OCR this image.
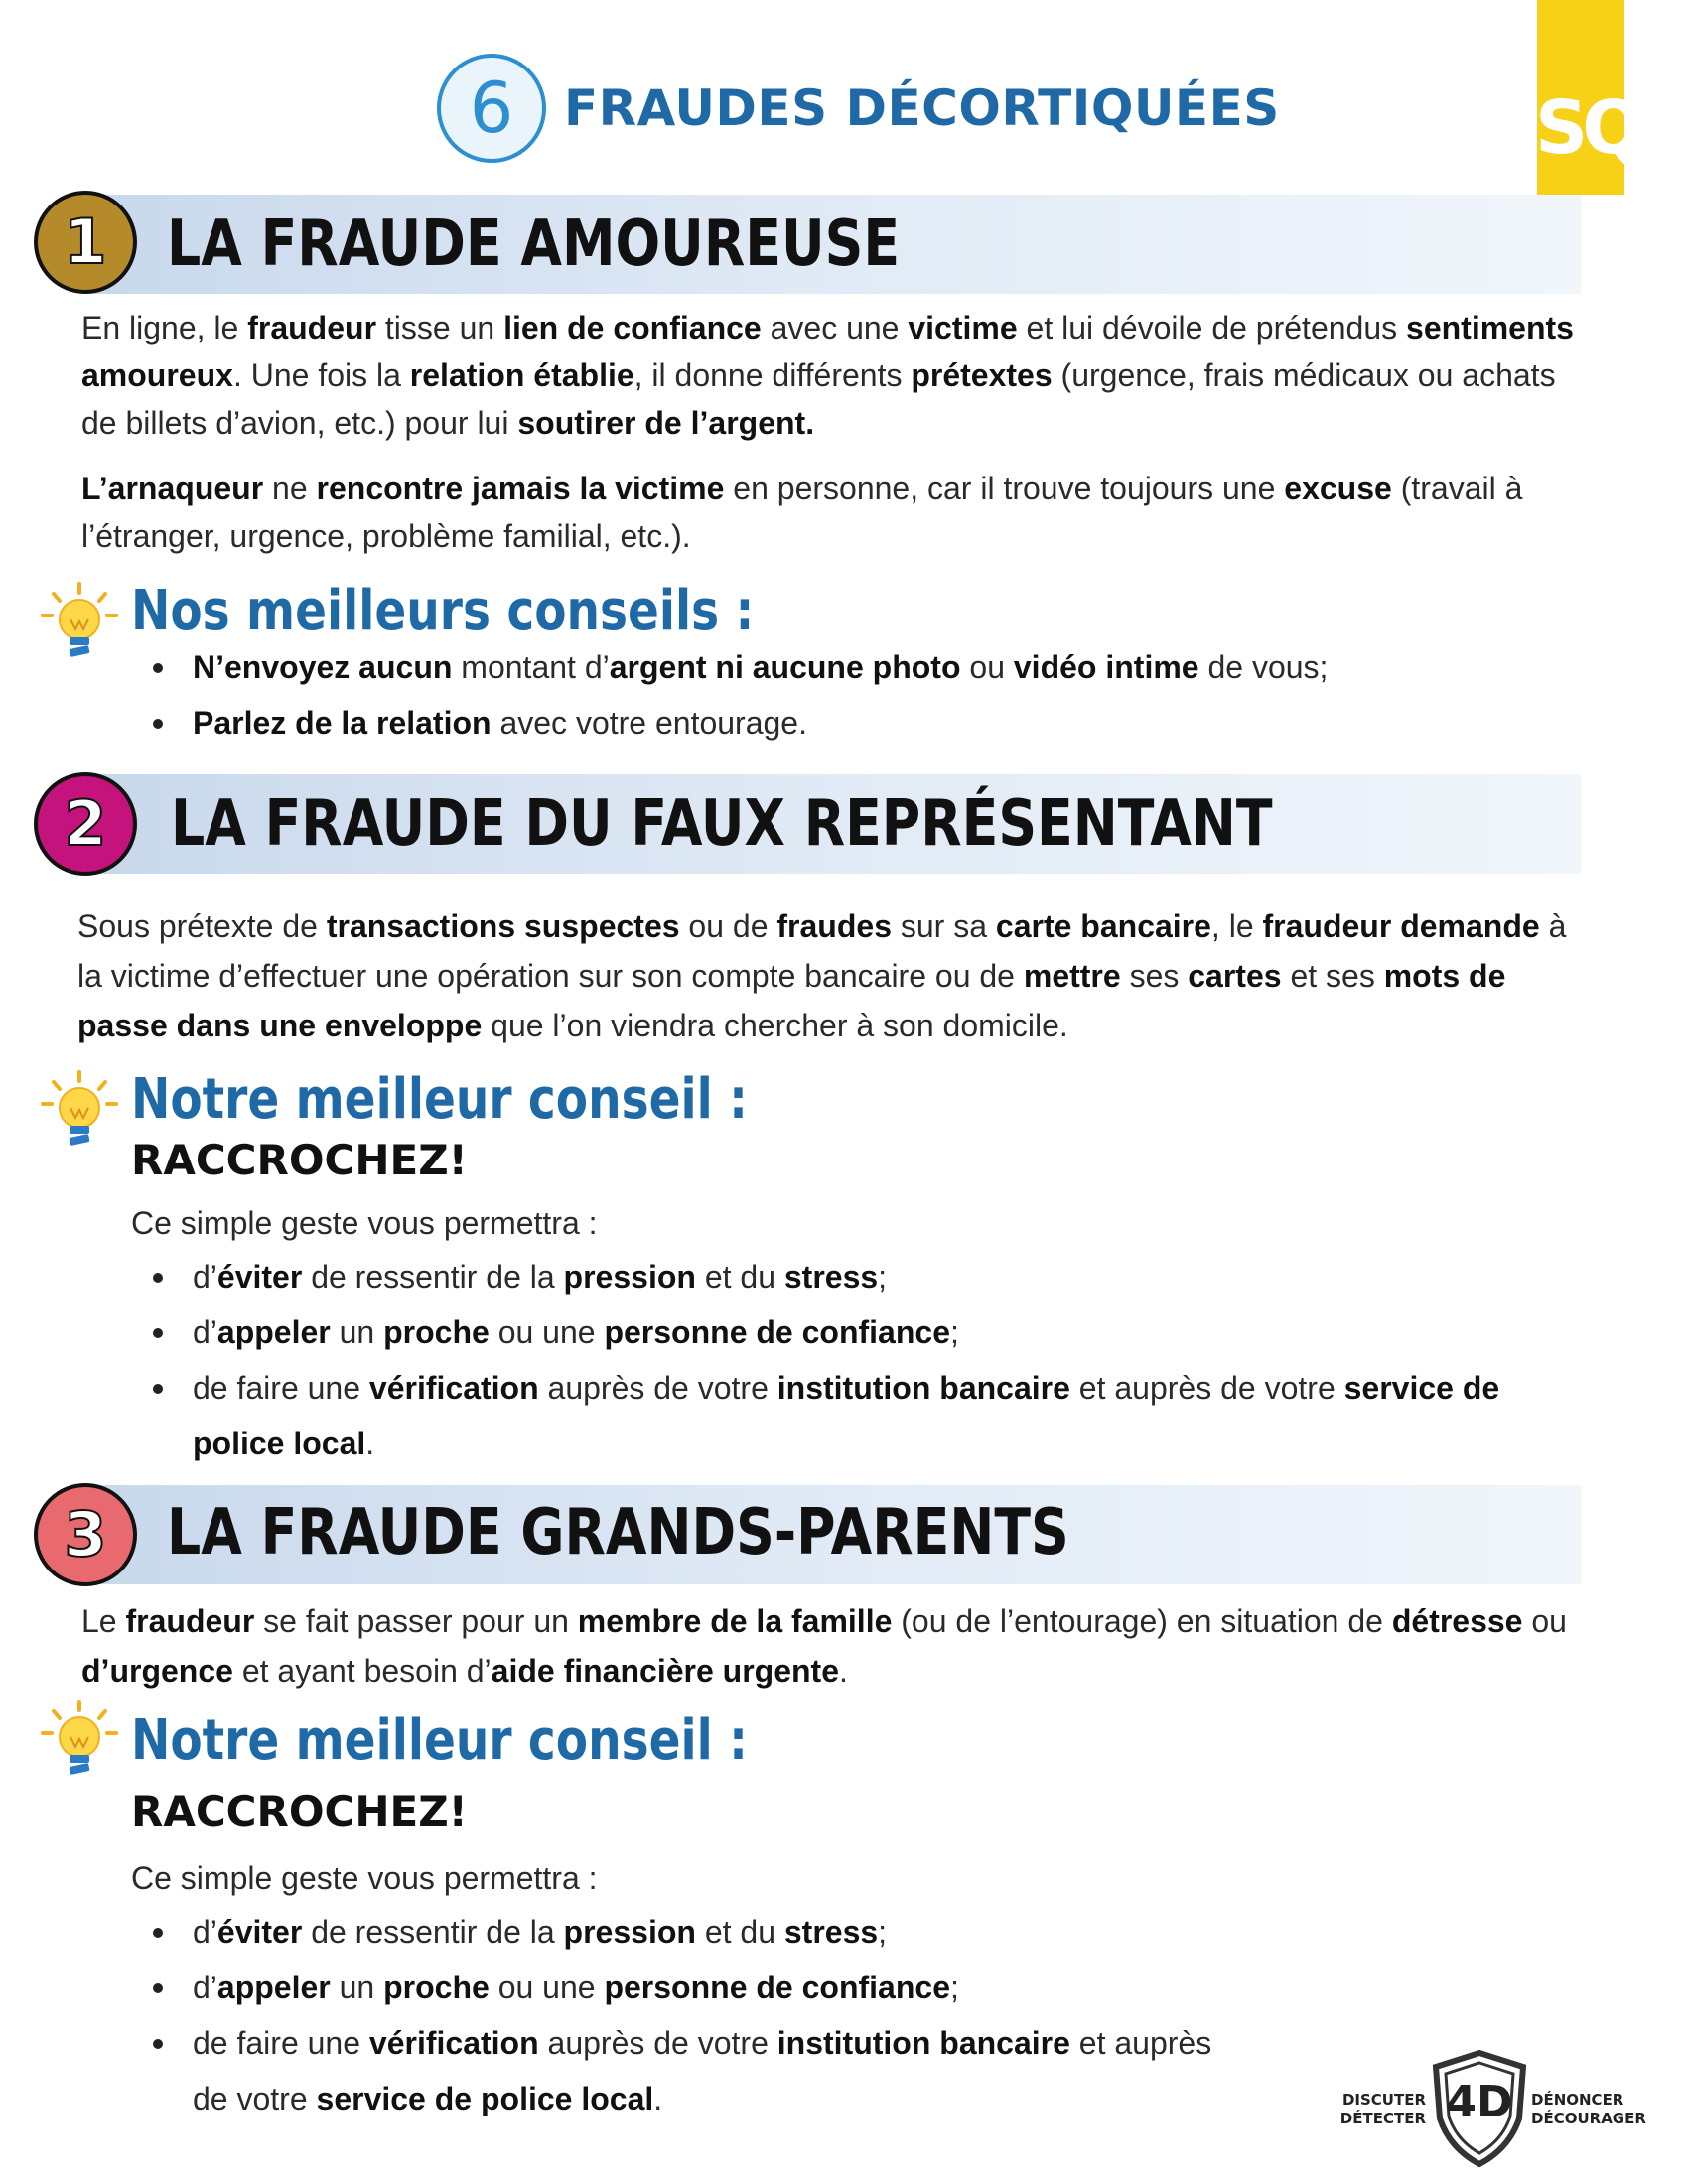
SQ
6 FRAUDES DÉCORTIQUÉES
1 LA FRAUDE AMOUREUSE
En ligne, le fraudeur tisse un lien de confiance avec une victime et lui dévoile de prétendus sentiments amoureux. Une fois la relation établie, il donne différents prétextes (urgence, frais médicaux ou achats de billets d’avion, etc.) pour lui soutirer de l’argent.
L’arnaqueur ne rencontre jamais la victime en personne, car il trouve toujours une excuse (travail à l’étranger, urgence, problème familial, etc.).
Nos meilleurs conseils :
N’envoyez aucun montant d’argent ni aucune photo ou vidéo intime de vous;
Parlez de la relation avec votre entourage.
2 LA FRAUDE DU FAUX REPRÉSENTANT
Sous prétexte de transactions suspectes ou de fraudes sur sa carte bancaire, le fraudeur demande à la victime d’effectuer une opération sur son compte bancaire ou de mettre ses cartes et ses mots de passe dans une enveloppe que l’on viendra chercher à son domicile.
Notre meilleur conseil :
RACCROCHEZ!
Ce simple geste vous permettra :
d’éviter de ressentir de la pression et du stress;
d’appeler un proche ou une personne de confiance;
de faire une vérification auprès de votre institution bancaire et auprès de votre service de police local.
3 LA FRAUDE GRANDS-PARENTS
Le fraudeur se fait passer pour un membre de la famille (ou de l’entourage) en situation de détresse ou d’urgence et ayant besoin d’aide financière urgente.
Notre meilleur conseil :
RACCROCHEZ!
Ce simple geste vous permettra :
d’éviter de ressentir de la pression et du stress;
d’appeler un proche ou une personne de confiance;
de faire une vérification auprès de votre institution bancaire et auprès de votre service de police local.	DISCUTER
DÉTECTER 4D	DÉNONCER
DÉCOURAGER
